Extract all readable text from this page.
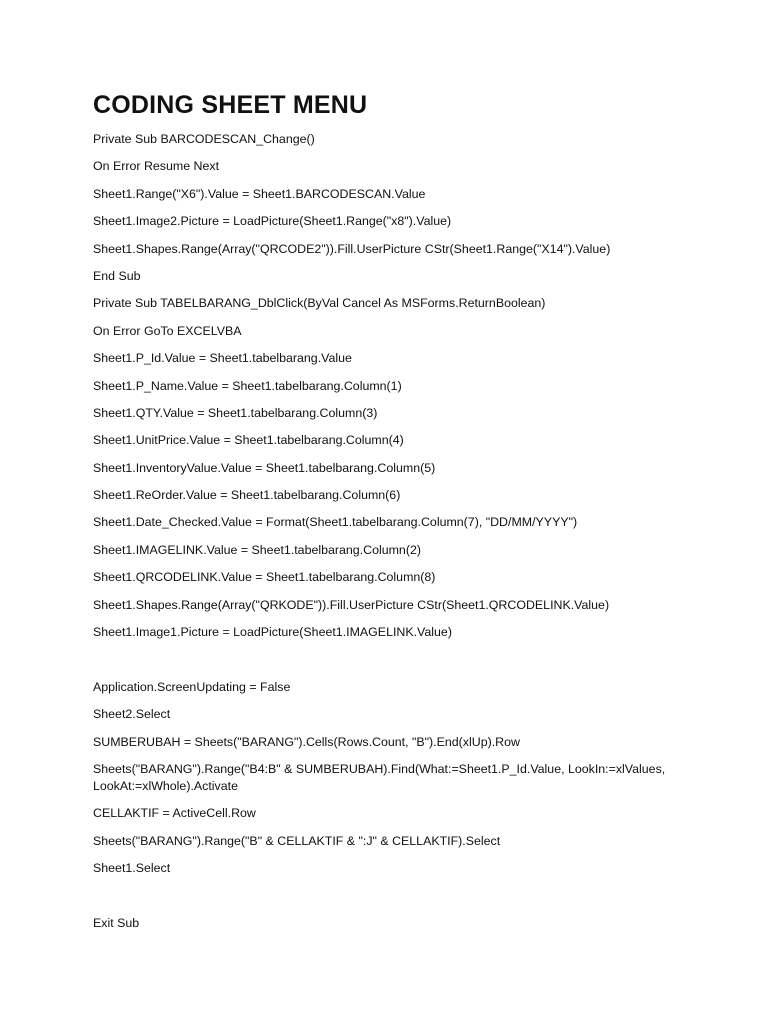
CODING SHEET MENU
Private Sub BARCODESCAN_Change()
On Error Resume Next
Sheet1.Range("X6").Value = Sheet1.BARCODESCAN.Value
Sheet1.Image2.Picture = LoadPicture(Sheet1.Range("x8").Value)
Sheet1.Shapes.Range(Array("QRCODE2")).Fill.UserPicture CStr(Sheet1.Range("X14").Value)
End Sub
Private Sub TABELBARANG_DblClick(ByVal Cancel As MSForms.ReturnBoolean)
On Error GoTo EXCELVBA
Sheet1.P_Id.Value = Sheet1.tabelbarang.Value
Sheet1.P_Name.Value = Sheet1.tabelbarang.Column(1)
Sheet1.QTY.Value = Sheet1.tabelbarang.Column(3)
Sheet1.UnitPrice.Value = Sheet1.tabelbarang.Column(4)
Sheet1.InventoryValue.Value = Sheet1.tabelbarang.Column(5)
Sheet1.ReOrder.Value = Sheet1.tabelbarang.Column(6)
Sheet1.Date_Checked.Value = Format(Sheet1.tabelbarang.Column(7), "DD/MM/YYYY")
Sheet1.IMAGELINK.Value = Sheet1.tabelbarang.Column(2)
Sheet1.QRCODELINK.Value = Sheet1.tabelbarang.Column(8)
Sheet1.Shapes.Range(Array("QRKODE")).Fill.UserPicture CStr(Sheet1.QRCODELINK.Value)
Sheet1.Image1.Picture = LoadPicture(Sheet1.IMAGELINK.Value)
Application.ScreenUpdating = False
Sheet2.Select
SUMBERUBAH = Sheets("BARANG").Cells(Rows.Count, "B").End(xlUp).Row
Sheets("BARANG").Range("B4:B" & SUMBERUBAH).Find(What:=Sheet1.P_Id.Value, LookIn:=xlValues, LookAt:=xlWhole).Activate
CELLAKTIF = ActiveCell.Row
Sheets("BARANG").Range("B" & CELLAKTIF & ":J" & CELLAKTIF).Select
Sheet1.Select
Exit Sub
